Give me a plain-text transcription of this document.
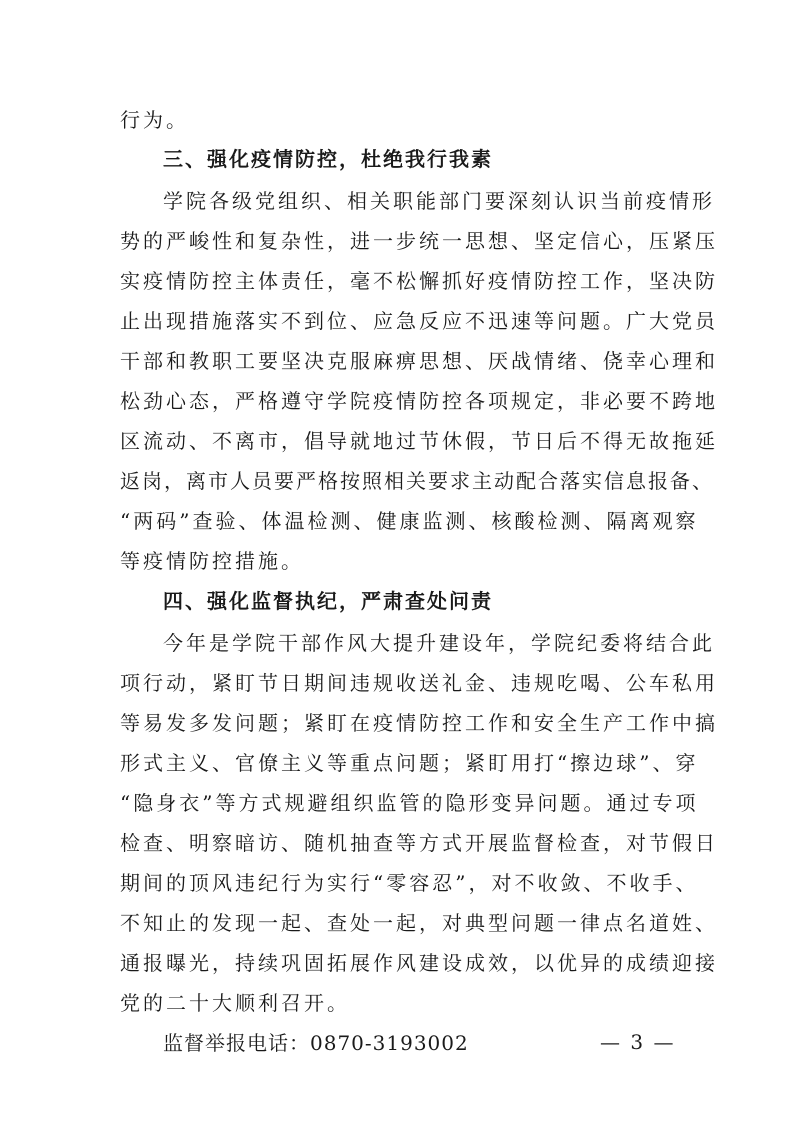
行为。
三、强化疫情防控，杜绝我行我素
学院各级党组织、相关职能部门要深刻认识当前疫情形
势的严峻性和复杂性，进一步统一思想、坚定信心，压紧压
实疫情防控主体责任，毫不松懈抓好疫情防控工作，坚决防
止出现措施落实不到位、应急反应不迅速等问题。广大党员
干部和教职工要坚决克服麻痹思想、厌战情绪、侥幸心理和
松劲心态，严格遵守学院疫情防控各项规定，非必要不跨地
区流动、不离市，倡导就地过节休假，节日后不得无故拖延
返岗，离市人员要严格按照相关要求主动配合落实信息报备、
“两码”查验、体温检测、健康监测、核酸检测、隔离观察
等疫情防控措施。
四、强化监督执纪，严肃查处问责
今年是学院干部作风大提升建设年，学院纪委将结合此
项行动，紧盯节日期间违规收送礼金、违规吃喝、公车私用
等易发多发问题；紧盯在疫情防控工作和安全生产工作中搞
形式主义、官僚主义等重点问题；紧盯用打“擦边球”、穿
“隐身衣”等方式规避组织监管的隐形变异问题。通过专项
检查、明察暗访、随机抽查等方式开展监督检查，对节假日
期间的顶风违纪行为实行“零容忍”，对不收敛、不收手、
不知止的发现一起、查处一起，对典型问题一律点名道姓、
通报曝光，持续巩固拓展作风建设成效，以优异的成绩迎接
党的二十大顺利召开。
监督举报电话：0870-3193002	— 3 —
